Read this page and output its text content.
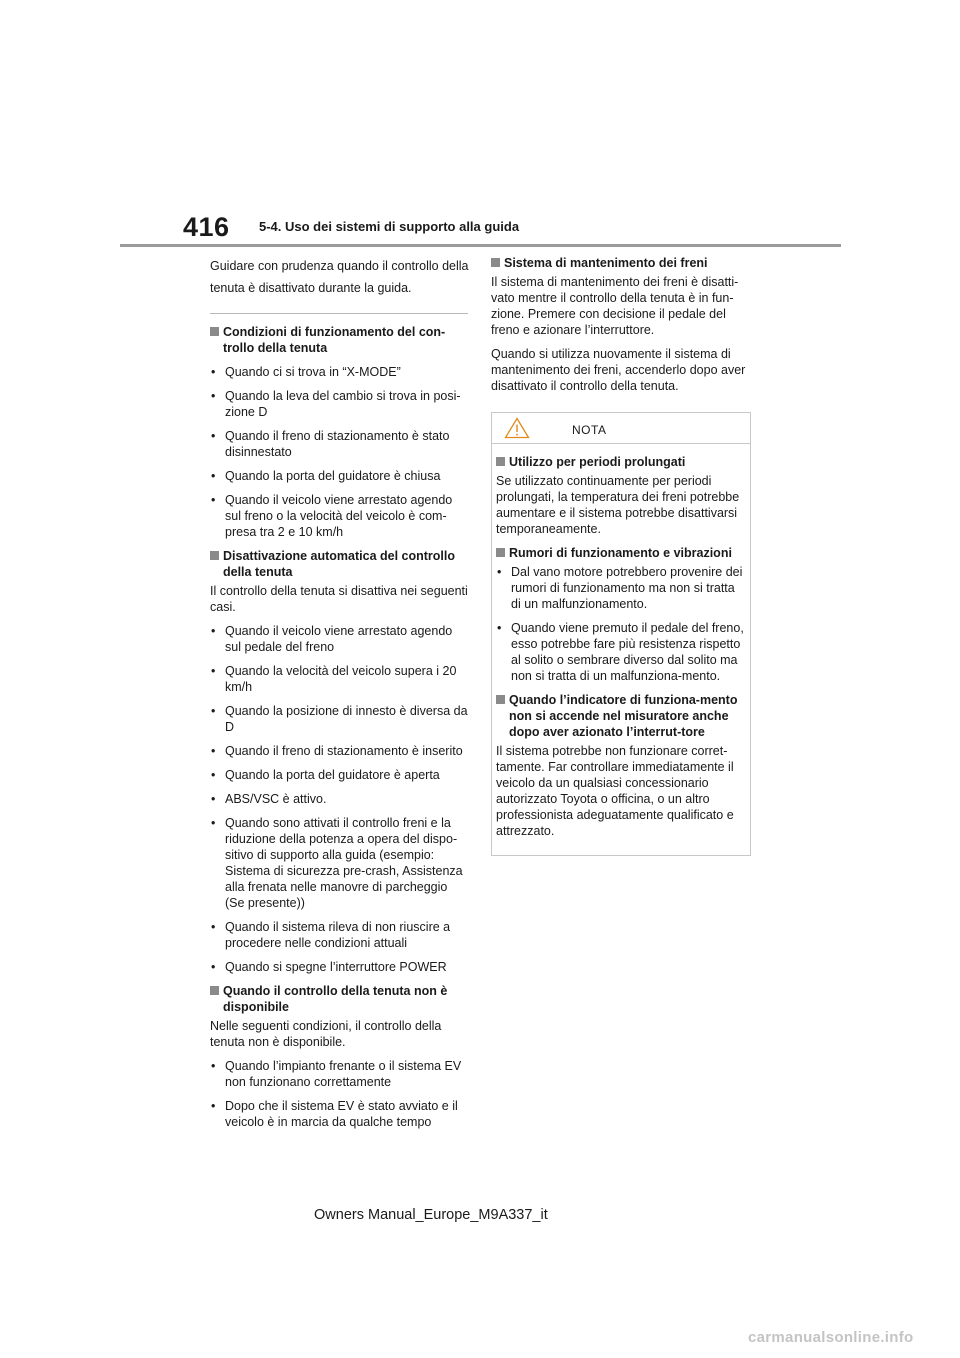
416 5-4. Uso dei sistemi di supporto alla guida

Guidare con prudenza quando il controllo della tenuta è disattivato durante la guida.

Condizioni di funzionamento del con-trollo della tenuta
• Quando ci si trova in “X-MODE”
• Quando la leva del cambio si trova in posi-zione D
• Quando il freno di stazionamento è stato disinnestato
• Quando la porta del guidatore è chiusa
• Quando il veicolo viene arrestato agendo sul freno o la velocità del veicolo è com-presa tra 2 e 10 km/h
Disattivazione automatica del controllo della tenuta

Il controllo della tenuta si disattiva nei seguenti casi.

• Quando il veicolo viene arrestato agendo sul pedale del freno
• Quando la velocità del veicolo supera i 20 km/h
• Quando la posizione di innesto è diversa da D
• Quando il freno di stazionamento è inserito
• Quando la porta del guidatore è aperta
• ABS/VSC è attivo.
• Quando sono attivati il controllo freni e la riduzione della potenza a opera del dispo-sitivo di supporto alla guida (esempio: Sistema di sicurezza pre-crash, Assistenza alla frenata nelle manovre di parcheggio (Se presente))
• Quando il sistema rileva di non riuscire a procedere nelle condizioni attuali
• Quando si spegne l’interruttore POWER
Quando il controllo della tenuta non è disponibile

Nelle seguenti condizioni, il controllo della tenuta non è disponibile.

• Quando l’impianto frenante o il sistema EV non funzionano correttamente
• Dopo che il sistema EV è stato avviato e il veicolo è in marcia da qualche tempo
Sistema di mantenimento dei freni

Il sistema di mantenimento dei freni è disatti-vato mentre il controllo della tenuta è in fun-zione. Premere con decisione il pedale del freno e azionare l’interruttore.

Quando si utilizza nuovamente il sistema di mantenimento dei freni, accenderlo dopo aver disattivato il controllo della tenuta.

NOTA
Utilizzo per periodi prolungati

Se utilizzato continuamente per periodi prolungati, la temperatura dei freni potrebbe aumentare e il sistema potrebbe disattivarsi temporaneamente.

Rumori di funzionamento e vibrazioni
• Dal vano motore potrebbero provenire dei rumori di funzionamento ma non si tratta di un malfunzionamento.
• Quando viene premuto il pedale del freno, esso potrebbe fare più resistenza rispetto al solito o sembrare diverso dal solito ma non si tratta di un malfunziona-mento.
Quando l’indicatore di funziona-mento non si accende nel misuratore anche dopo aver azionato l’interrut-tore

Il sistema potrebbe non funzionare corret-tamente. Far controllare immediatamente il veicolo da un qualsiasi concessionario autorizzato Toyota o officina, o un altro professionista adeguatamente qualificato e attrezzato.

Owners Manual_Europe_M9A337_it
carmanualsonline.info
